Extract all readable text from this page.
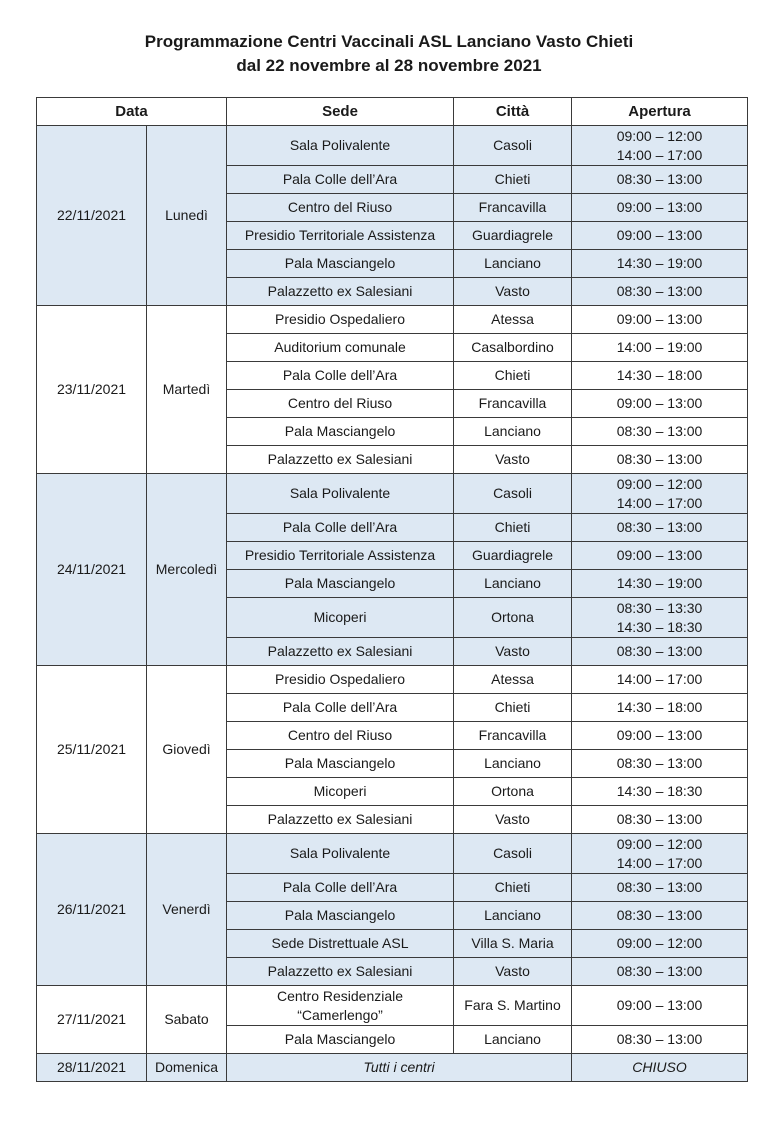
Programmazione Centri Vaccinali ASL Lanciano Vasto Chieti
dal 22 novembre al 28 novembre 2021
Data		Sede	Città	Apertura
22/11/2021	Lunedì	Sala Polivalente	Casoli	09:00 – 12:00
14:00 – 17:00

		Pala Colle dell’Ara	Chieti	08:30 – 13:00

		Centro del Riuso	Francavilla	09:00 – 13:00

		Presidio Territoriale Assistenza	Guardiagrele	09:00 – 13:00

		Pala Masciangelo	Lanciano	14:30 – 19:00

		Palazzetto ex Salesiani	Vasto	08:30 – 13:00

23/11/2021	Martedì	Presidio Ospedaliero	Atessa	09:00 – 13:00

		Auditorium comunale	Casalbordino	14:00 – 19:00

		Pala Colle dell’Ara	Chieti	14:30 – 18:00

		Centro del Riuso	Francavilla	09:00 – 13:00

		Pala Masciangelo	Lanciano	08:30 – 13:00

		Palazzetto ex Salesiani	Vasto	08:30 – 13:00

24/11/2021	Mercoledì	Sala Polivalente	Casoli	09:00 – 12:00
14:00 – 17:00

		Pala Colle dell’Ara	Chieti	08:30 – 13:00

		Presidio Territoriale Assistenza	Guardiagrele	09:00 – 13:00

		Pala Masciangelo	Lanciano	14:30 – 19:00

		Micoperi	Ortona	08:30 – 13:30
14:30 – 18:30

		Palazzetto ex Salesiani	Vasto	08:30 – 13:00

25/11/2021	Giovedì	Presidio Ospedaliero	Atessa	14:00 – 17:00

		Pala Colle dell’Ara	Chieti	14:30 – 18:00

		Centro del Riuso	Francavilla	09:00 – 13:00

		Pala Masciangelo	Lanciano	08:30 – 13:00

		Micoperi	Ortona	14:30 – 18:30

		Palazzetto ex Salesiani	Vasto	08:30 – 13:00

26/11/2021	Venerdì	Sala Polivalente	Casoli	09:00 – 12:00
14:00 – 17:00

		Pala Colle dell’Ara	Chieti	08:30 – 13:00

		Pala Masciangelo	Lanciano	08:30 – 13:00

		Sede Distrettuale ASL	Villa S. Maria	09:00 – 12:00

		Palazzetto ex Salesiani	Vasto	08:30 – 13:00

27/11/2021	Sabato	Centro Residenziale
“Camerlengo”	Fara S. Martino	09:00 – 13:00

		Pala Masciangelo	Lanciano	08:30 – 13:00

28/11/2021	Domenica	Tutti i centri		CHIUSO
